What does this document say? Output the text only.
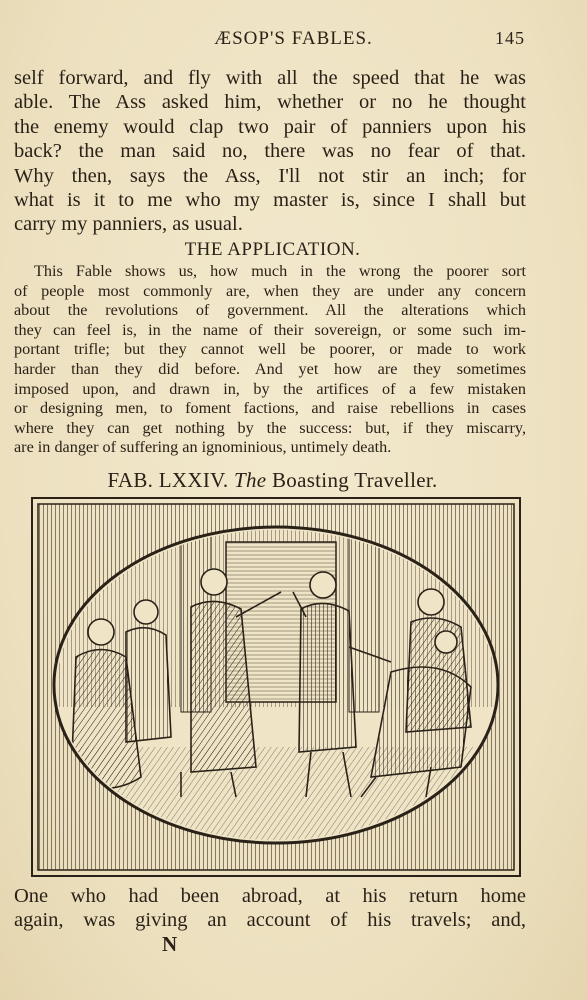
ÆSOP'S FABLES.	145
self forward, and fly with all the speed that he was
able. The Ass asked him, whether or no he thought
the enemy would clap two pair of panniers upon his
back? the man said no, there was no fear of that.
Why then, says the Ass, I'll not stir an inch; for
what is it to me who my master is, since I shall but
carry my panniers, as usual.
THE APPLICATION.
This Fable shows us, how much in the wrong the poorer sort
of people most commonly are, when they are under any concern
about the revolutions of government. All the alterations which
they can feel is, in the name of their sovereign, or some such im-
portant trifle; but they cannot well be poorer, or made to work
harder than they did before. And yet how are they sometimes
imposed upon, and drawn in, by the artifices of a few mistaken
or designing men, to foment factions, and raise rebellions in cases
where they can get nothing by the success: but, if they miscarry,
are in danger of suffering an ignominious, untimely death.
FAB. LXXIV. The Boasting Traveller.
One who had been abroad, at his return home
again, was giving an account of his travels; and,
N
